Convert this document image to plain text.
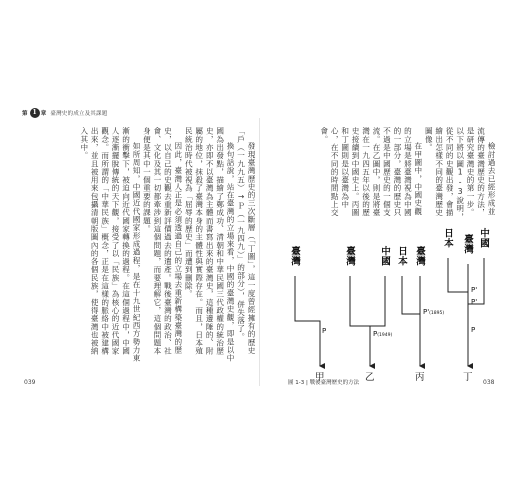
第 1 章 臺灣史的成立及其課題

發現臺灣歷史的三次斷層（「丁圖」，這一度曾經擁有的歷史「戶（一九九五）→Ｐ（一九四九）」的部分），併失落了。

換句話說，站在臺灣的立場來看，中國的臺灣史觀，即是以中國為出發點，描繪了鄭成功、清朝和中華民國三代政權的統治歷史，亦即不以臺灣為主體而書寫出來的臺灣史，這種邊陲的、附屬的地位，抹殺了臺灣本身的主體性與實際存在。而且，日本殖民統治時代被視為「屈辱的歷史」而遭到刪除。

因此，臺灣人正是必須透過自己的立場去重新構築臺灣的歷史，以自己的史觀去重新評價過去的遺產。戰後臺灣的政治、社會、文化及其一切都牽涉到這個問題，而要理解它，這個問題本身便是其中一個重要的課題。

如所周知，中國近代國家形成過程，是在十九世紀西方勢力東漸的衝擊下，被迫向近代國家轉換的過程。在這個過程中，中國人逐漸擺脫傳統的天下觀，接受了以「民族」為核心的近代國家觀念。而所謂的「中華民族」概念，正是在這樣的脈絡中被建構出來，並且被用來包攝清朝版圖內的各個民族，使得臺灣也被納入其中。

039

檢討過去已經形成並流傳的臺灣歷史的方法，是研究臺灣史的第一步。以下將以圖1-3說明，從不同的史觀出發，會描繪出怎樣不同的臺灣歷史圖像。

在甲圖中，中國史觀的立場是將臺灣視為中國的一部分，臺灣的歷史只不過是中國歷史的一個支流。在乙圖中，則是將臺灣在一九四五年以後的歷史接續到中國史上。丙圖和丁圖則是以臺灣為中心，在不同的時間點上交會。

臺灣
P
甲
臺灣	中國
P(1949)
乙
日本 臺灣
P'(1895)
丙
日本 臺灣 中國
P'
P'
P
丁
圖 1-3 | 戰後臺灣歷史的方法	038
